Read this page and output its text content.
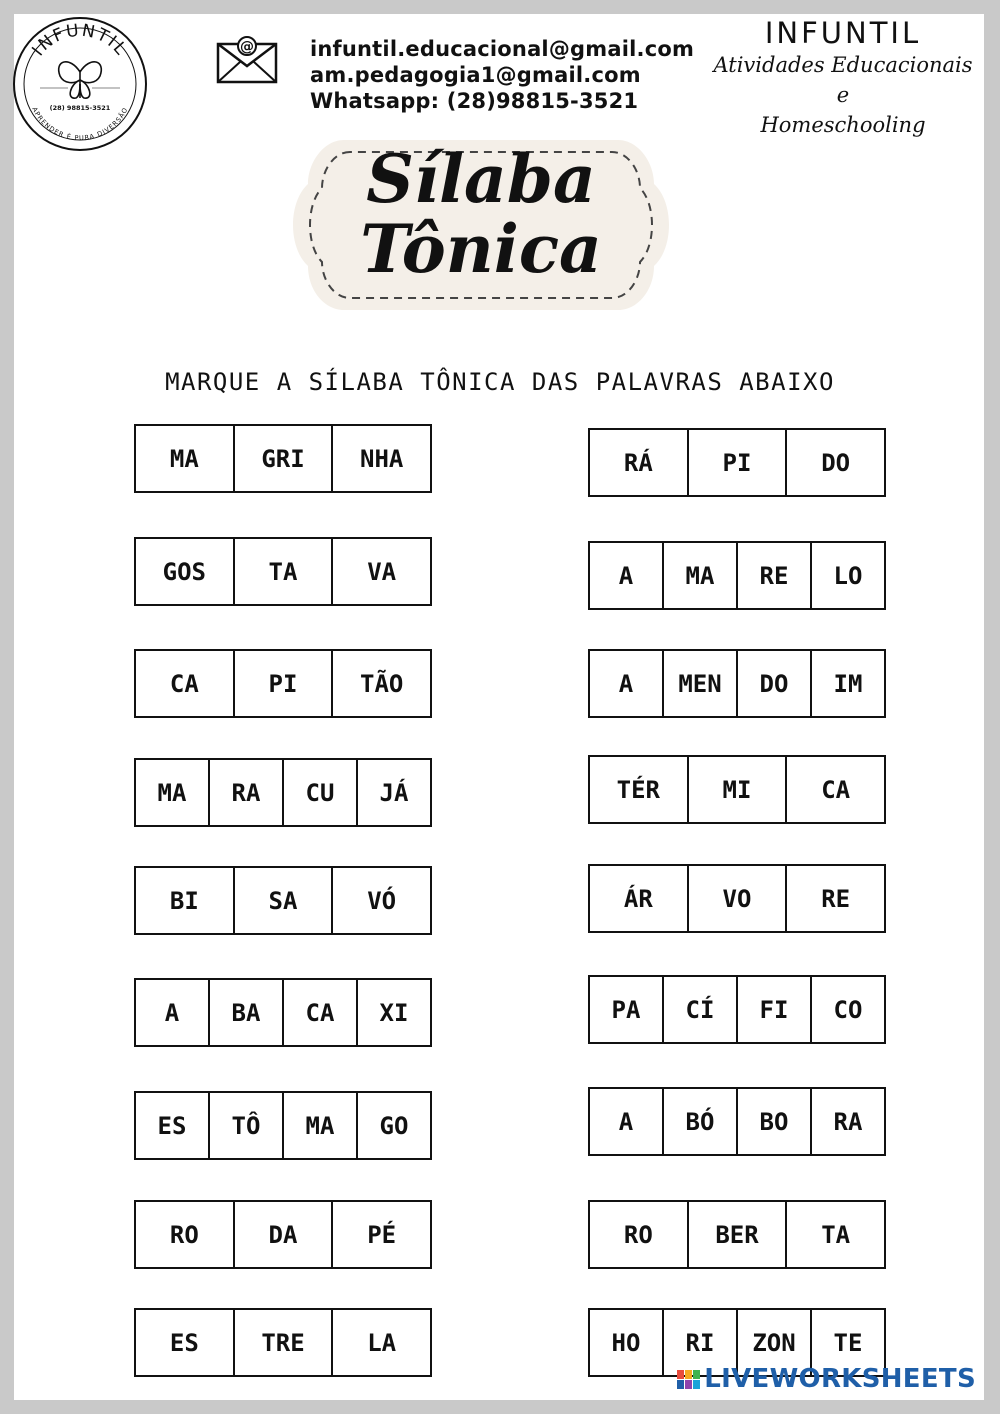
INFUNTIL
APRENDER É PURA DIVERSÃO
(28) 98815-3521
@	infuntil.educacional@gmail.com
am.pedagogia1@gmail.com
Whatsapp: (28)98815-3521
INFUNTIL
Atividades Educacionais e
Homeschooling
Sílaba
Tônica
MARQUE A SÍLABA TÔNICA DAS PALAVRAS ABAIXO
MA	GRI	NHA
GOS	TA	VA
CA	PI	TÃO
MA	RA	CU	JÁ
BI	SA	VÓ
A	BA	CA	XI
ES	TÔ	MA	GO
RO	DA	PÉ
ES	TRE	LA
RÁ	PI	DO
A	MA	RE	LO
A	MEN	DO	IM
TÉR	MI	CA
ÁR	VO	RE
PA	CÍ	FI	CO
A	BÓ	BO	RA
RO	BER	TA
HO	RI	ZON	TE
LIVEWORKSHEETS
